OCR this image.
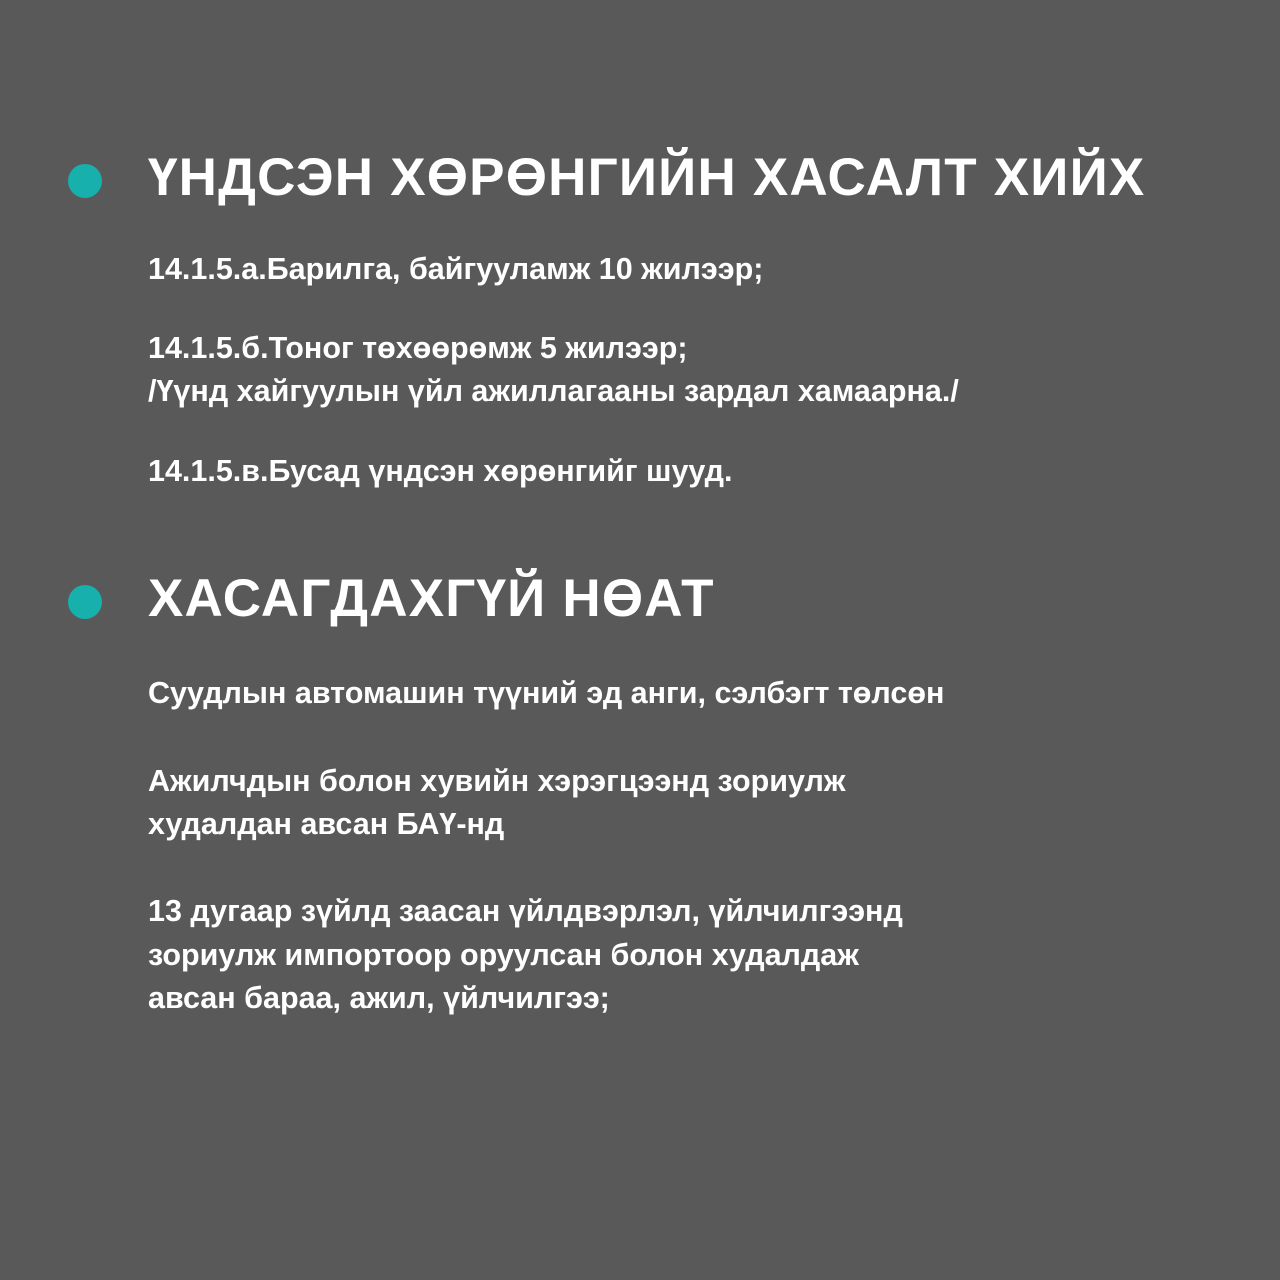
ҮНДСЭН ХӨРӨНГИЙН ХАСАЛТ ХИЙХ

14.1.5.а.Барилга, байгууламж 10 жилээр;

14.1.5.б.Тоног төхөөрөмж 5 жилээр;
/Үүнд хайгуулын үйл ажиллагааны зардал хамаарна./

14.1.5.в.Бусад үндсэн хөрөнгийг шууд.

ХАСАГДАХГҮЙ НӨАТ

Суудлын автомашин түүний эд анги, сэлбэгт төлсөн

Ажилчдын болон хувийн хэрэгцээнд зориулж
худалдан авсан БАҮ-нд

13 дугаар зүйлд заасан үйлдвэрлэл, үйлчилгээнд
зориулж импортоор оруулсан болон худалдаж
авсан бараа, ажил, үйлчилгээ;
